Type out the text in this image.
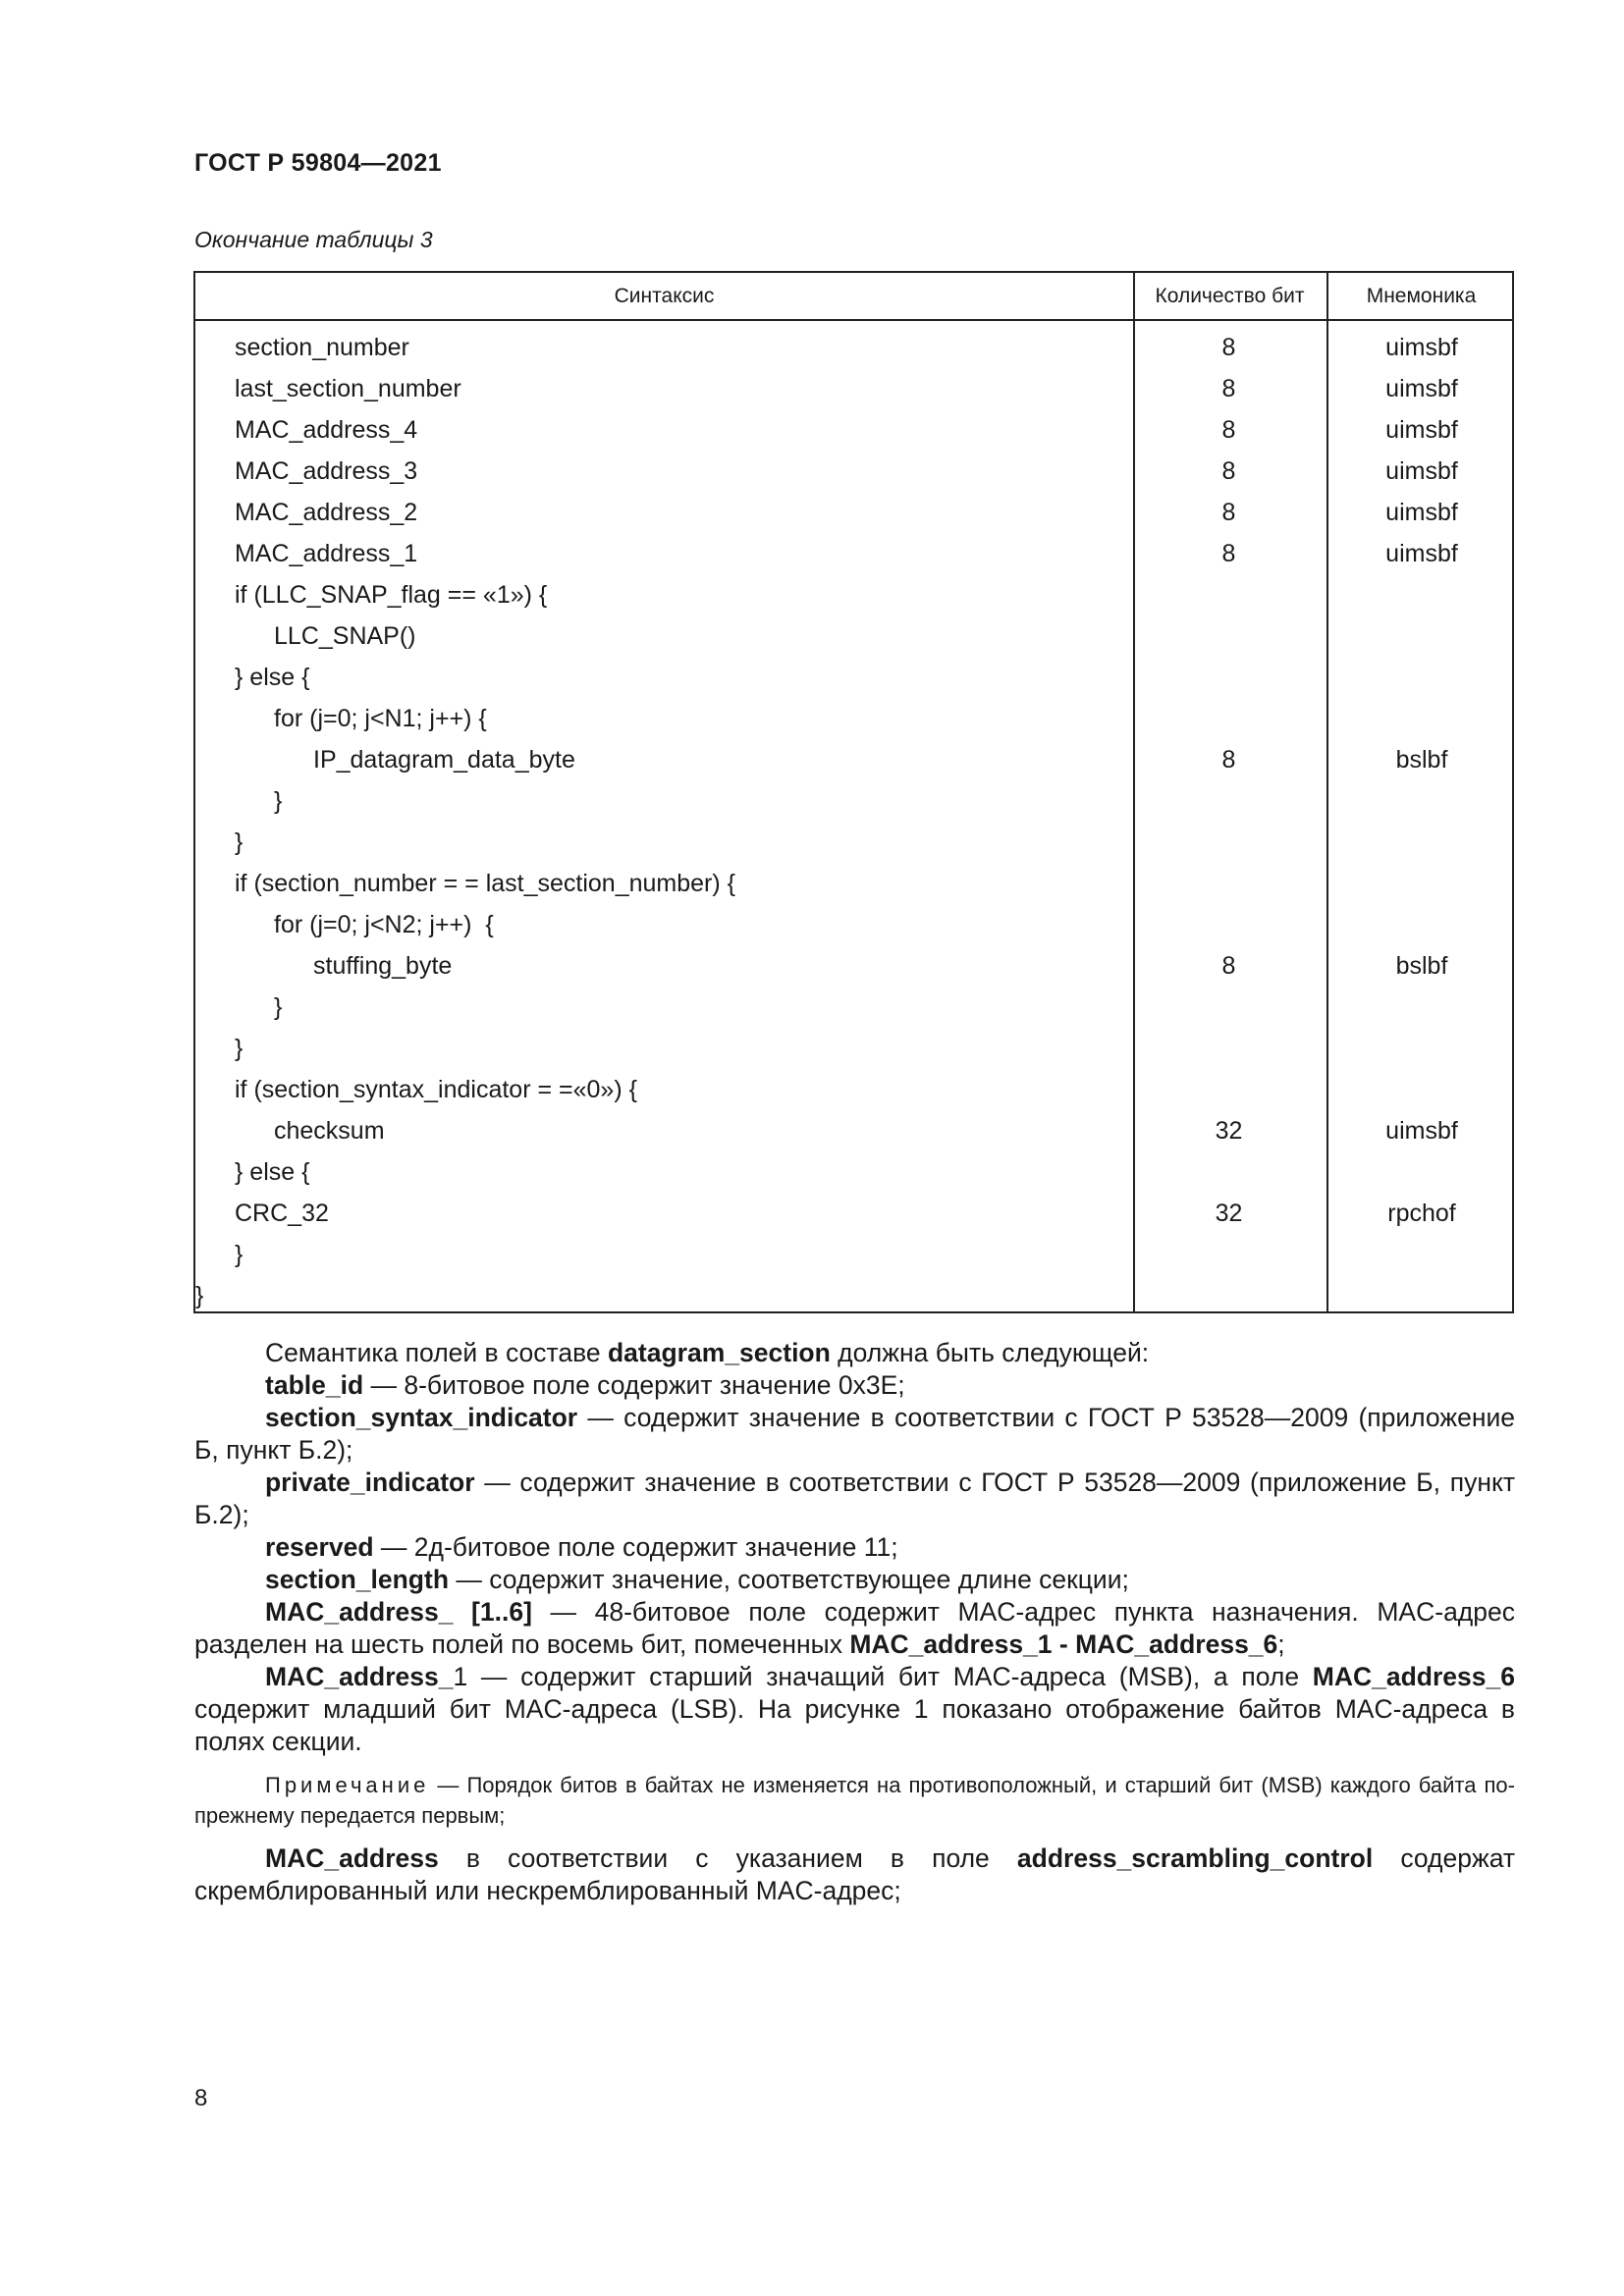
ГОСТ Р 59804—2021
Окончание таблицы 3
Синтаксис	Количество бит	Мнемоника
section_number	8	uimsbf
last_section_number	8	uimsbf
MAC_address_4	8	uimsbf
MAC_address_3	8	uimsbf
MAC_address_2	8	uimsbf
MAC_address_1	8	uimsbf
if (LLC_SNAP_flag == «1») {
LLC_SNAP()
} else {
for (j=0; j<N1; j++) {
IP_datagram_data_byte	8	bslbf
}
}
if (section_number = = last_section_number) {
for (j=0; j<N2; j++)  {
stuffing_byte	8	bslbf
}
}
if (section_syntax_indicator = =«0») {
checksum	32	uimsbf
} else {
CRC_32	32	rpchof
}
}

Семантика полей в составе datagram_section должна быть следующей:

table_id — 8-битовое поле содержит значение 0x3E;

section_syntax_indicator — содержит значение в соответствии с ГОСТ Р 53528—2009 (приложение Б, пункт Б.2);

private_indicator — содержит значение в соответствии с ГОСТ Р 53528—2009 (приложение Б, пункт Б.2);

reserved — 2д-битовое поле содержит значение 11;

section_length — содержит значение, соответствующее длине секции;

MAC_address_ [1..6] — 48-битовое поле содержит MAC-адрес пункта назначения. MAC-адрес разделен на шесть полей по восемь бит, помеченных MAC_address_1 - MAC_address_6;

MAC_address_1 — содержит старший значащий бит MAC-адреса (MSB), а поле MAC_address_6 содержит младший бит MAC-адреса (LSB). На рисунке 1 показано отображение байтов MAC-адреса в полях секции.

Примечание — Порядок битов в байтах не изменяется на противоположный, и старший бит (MSB) каждого байта по-прежнему передается первым;

MAC_address в соответствии с указанием в поле address_scrambling_control содержат скремблированный или нескремблированный MAC-адрес;

8
